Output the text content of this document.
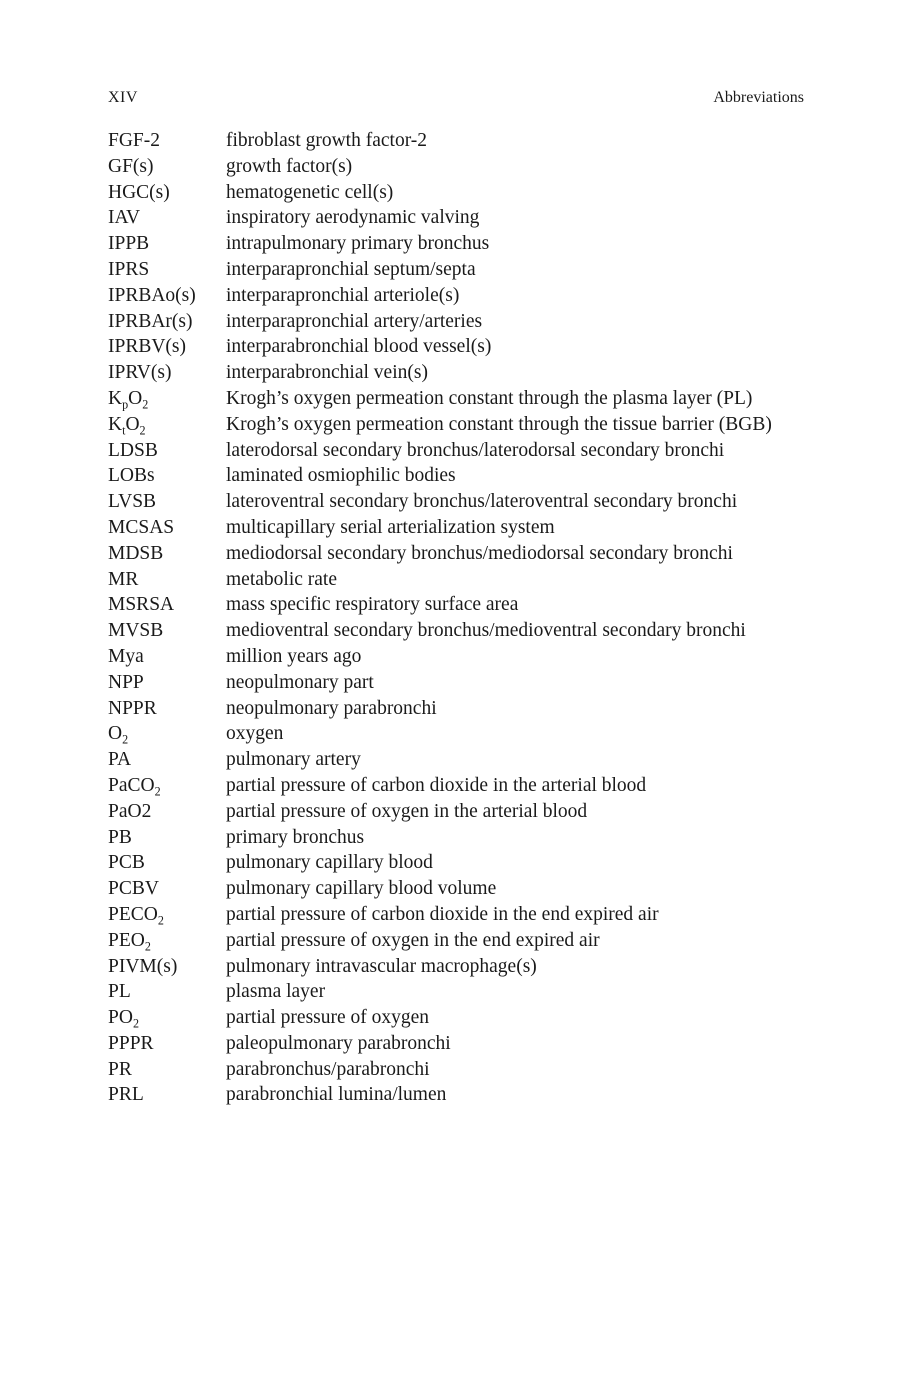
XIV	Abbreviations
FGF-2	fibroblast growth factor-2
GF(s)	growth factor(s)
HGC(s)	hematogenetic cell(s)
IAV	inspiratory aerodynamic valving
IPPB	intrapulmonary primary bronchus
IPRS	interparapronchial septum/septa
IPRBAo(s)	interparapronchial arteriole(s)
IPRBAr(s)	interparapronchial artery/arteries
IPRBV(s)	interparabronchial blood vessel(s)
IPRV(s)	interparabronchial vein(s)
$K_pO_2$	Krogh’s oxygen permeation constant through the plasma layer (PL)
$K_tO_2$	Krogh’s oxygen permeation constant through the tissue barrier (BGB)
LDSB	laterodorsal secondary bronchus/laterodorsal secondary bronchi
LOBs	laminated osmiophilic bodies
LVSB	lateroventral secondary bronchus/lateroventral secondary bronchi
MCSAS	multicapillary serial arterialization system
MDSB	mediodorsal secondary bronchus/mediodorsal secondary bronchi
MR	metabolic rate
MSRSA	mass specific respiratory surface area
MVSB	medioventral secondary bronchus/medioventral secondary bronchi
Mya	million years ago
NPP	neopulmonary part
NPPR	neopulmonary parabronchi
$O_2$	oxygen
PA	pulmonary artery
PaCO$_2$	partial pressure of carbon dioxide in the arterial blood
PaO2	partial pressure of oxygen in the arterial blood
PB	primary bronchus
PCB	pulmonary capillary blood
PCBV	pulmonary capillary blood volume
$PECO_2$	partial pressure of carbon dioxide in the end expired air
$PEO_2$	partial pressure of oxygen in the end expired air
PIVM(s)	pulmonary intravascular macrophage(s)
PL	plasma layer
$PO_2$	partial pressure of oxygen
PPPR	paleopulmonary parabronchi
PR	parabronchus/parabronchi
PRL	parabronchial lumina/lumen
